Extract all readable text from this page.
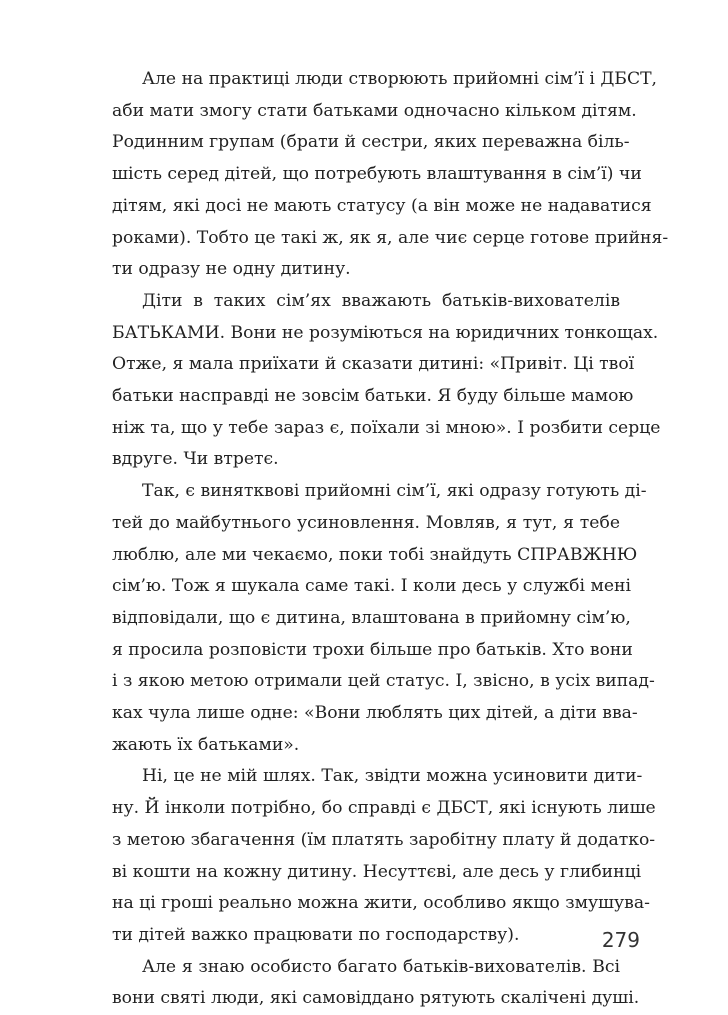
Але на практиці люди створюють прийомні сім’ї і ДБСТ,
аби мати змогу стати батьками одночасно кільком дітям.
Родинним групам (брати й сестри, яких переважна біль-
шість серед дітей, що потребують влаштування в сім’ї) чи
дітям, які досі не мають статусу (а він може не надаватися
роками). Тобто це такі ж, як я, але чиє серце готове прийня-
ти одразу не одну дитину.

Діти в таких сім’ях вважають батьків-вихователів
БАТЬКАМИ. Вони не розуміються на юридичних тонкощах.
Отже, я мала приїхати й сказати дитині: «Привіт. Ці твої
батьки насправді не зовсім батьки. Я буду більше мамою
ніж та, що у тебе зараз є, поїхали зі мною». І розбити серце
вдруге. Чи втретє.

Так, є винятквові прийомні сім’ї, які одразу готують ді-
тей до майбутнього усиновлення. Мовляв, я тут, я тебе
люблю, але ми чекаємо, поки тобі знайдуть СПРАВЖНЮ
сім’ю. Тож я шукала саме такі. І коли десь у службі мені
відповідали, що є дитина, влаштована в прийомну сім’ю,
я просила розповісти трохи більше про батьків. Хто вони
і з якою метою отримали цей статус. І, звісно, в усіх випад-
ках чула лише одне: «Вони люблять цих дітей, а діти вва-
жають їх батьками».

Ні, це не мій шлях. Так, звідти можна усиновити дити-
ну. Й інколи потрібно, бо справді є ДБСТ, які існують лише
з метою збагачення (їм платять заробітну плату й додатко-
ві кошти на кожну дитину. Несуттєві, але десь у глибинці
на ці гроші реально можна жити, особливо якщо змушува-
ти дітей важко працювати по господарству).

Але я знаю особисто багато батьків-вихователів. Всі
вони святі люди, які самовіддано рятують скалічені душі.

279
